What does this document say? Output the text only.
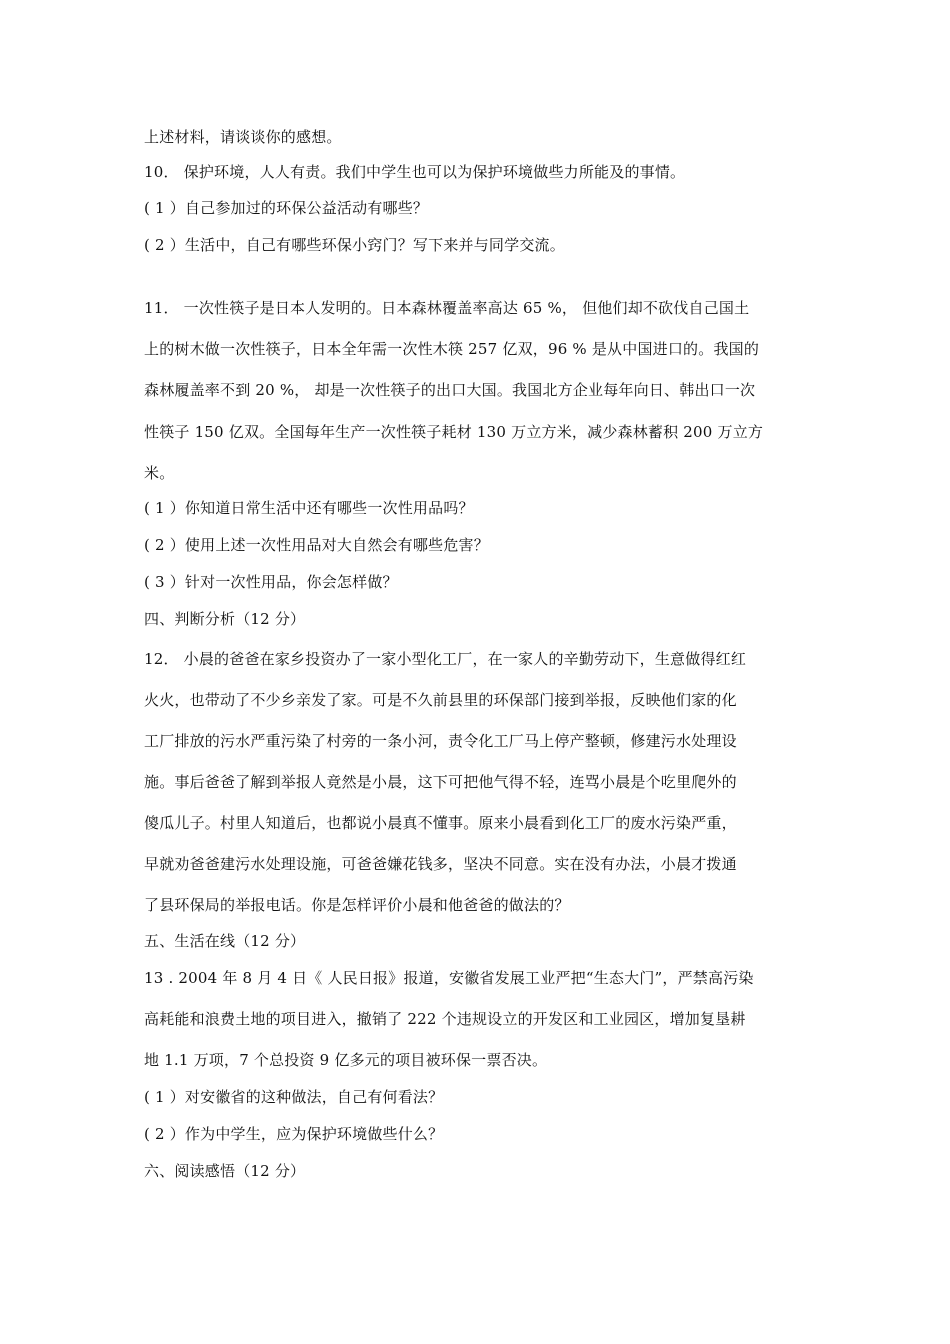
上述材料，请谈谈你的感想。
10． 保护环境，人人有责。我们中学生也可以为保护环境做些力所能及的事情。
( 1 ）自己参加过的环保公益活动有哪些？
( 2 ）生活中，自己有哪些环保小窍门？写下来并与同学交流。
11． 一次性筷子是日本人发明的。日本森林覆盖率高达 65 %， 但他们却不砍伐自己国土
上的树木做一次性筷子，日本全年需一次性木筷 257 亿双，96 % 是从中国进口的。我国的
森林履盖率不到 20 %， 却是一次性筷子的出口大国。我国北方企业每年向日、韩出口一次
性筷子 150 亿双。全国每年生产一次性筷子耗材 130 万立方米，减少森林蓄积 200 万立方
米。
( 1 ）你知道日常生活中还有哪些一次性用品吗？
( 2 ）使用上述一次性用品对大自然会有哪些危害？
( 3 ）针对一次性用品，你会怎样做？
四、判断分析（12 分）
12． 小晨的爸爸在家乡投资办了一家小型化工厂，在一家人的辛勤劳动下，生意做得红红
火火，也带动了不少乡亲发了家。可是不久前县里的环保部门接到举报，反映他们家的化
工厂排放的污水严重污染了村旁的一条小河，责令化工厂马上停产整顿，修建污水处理设
施。事后爸爸了解到举报人竟然是小晨，这下可把他气得不轻，连骂小晨是个吃里爬外的
傻瓜儿子。村里人知道后，也都说小晨真不懂事。原来小晨看到化工厂的废水污染严重，
早就劝爸爸建污水处理设施，可爸爸嫌花钱多，坚决不同意。实在没有办法，小晨才拨通
了县环保局的举报电话。你是怎样评价小晨和他爸爸的做法的？
五、生活在线（12 分）
13 . 2004 年 8 月 4 日《 人民日报》报道，安徽省发展工业严把“生态大门”，严禁高污染
高耗能和浪费土地的项目进入，撤销了 222 个违规设立的开发区和工业园区，增加复垦耕
地 1.1 万项，7 个总投资 9 亿多元的项目被环保一票否决。
( 1 ）对安徽省的这种做法，自己有何看法？
( 2 ）作为中学生，应为保护环境做些什么？
六、阅读感悟（12 分）
